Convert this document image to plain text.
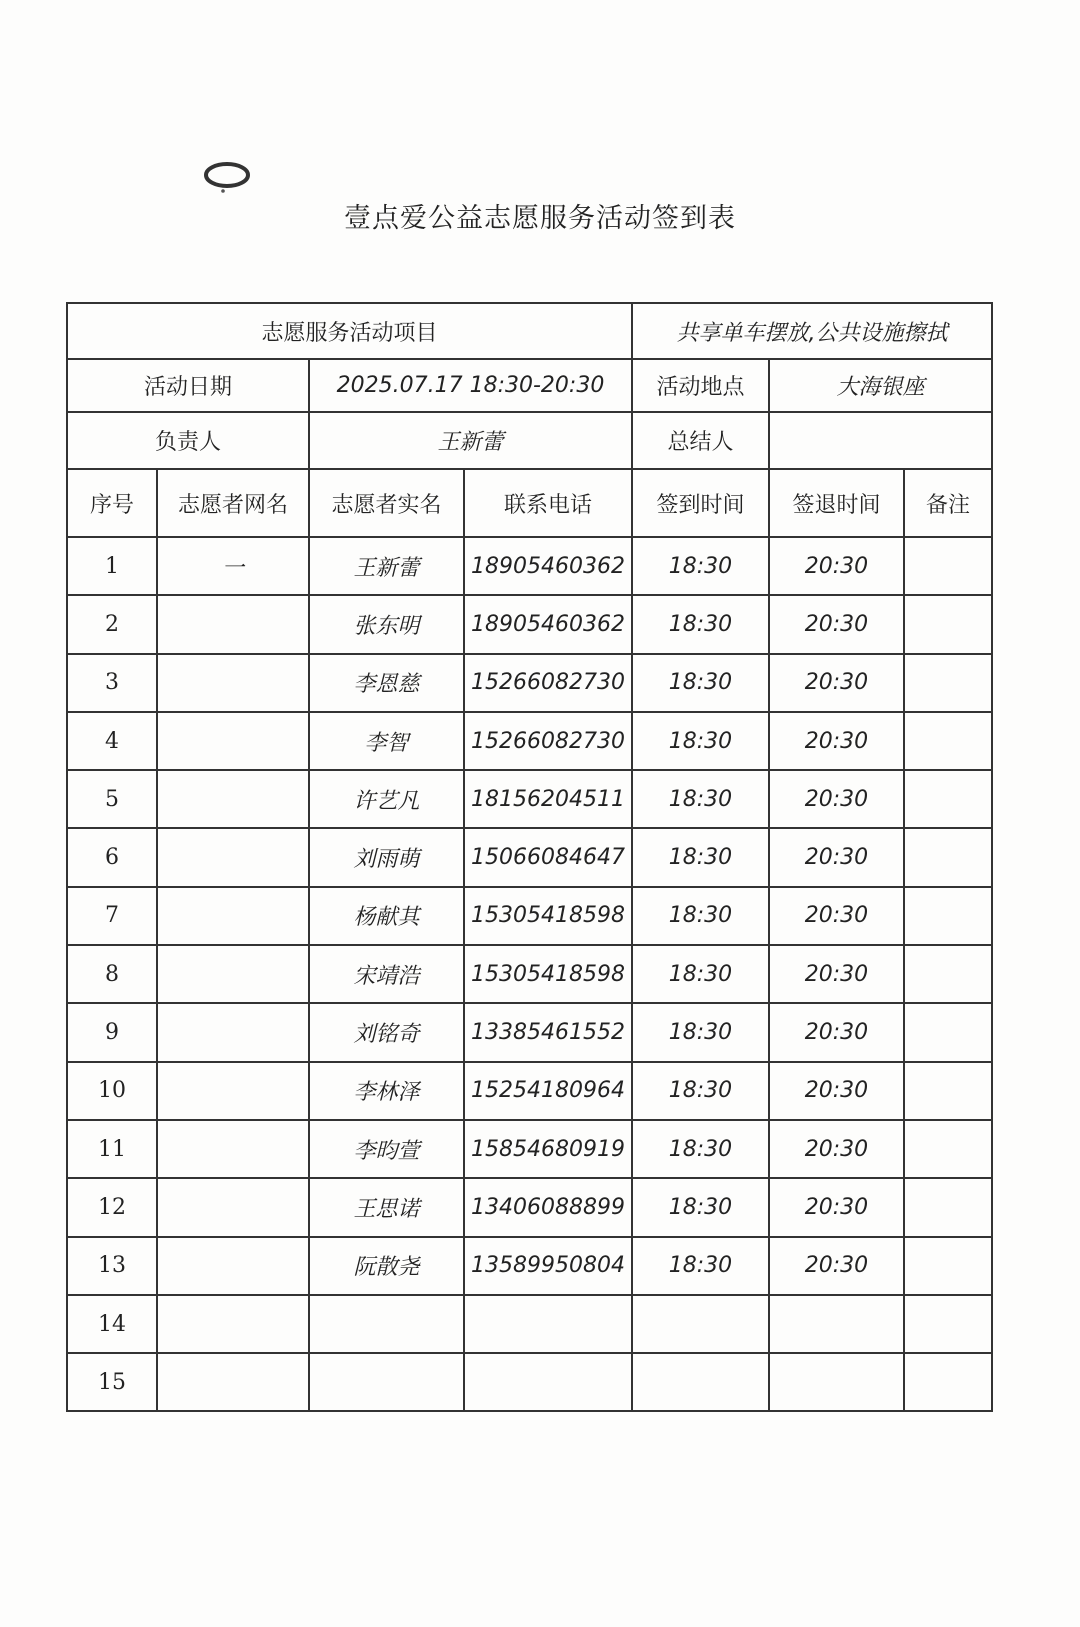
壹点爱公益志愿服务活动签到表
志愿服务活动项目				共享单车摆放,公共设施擦拭		
活动日期		2025.07.17 18:30-20:30		活动地点	大海银座	
负责人		王新蕾		总结人		
序号	志愿者网名	志愿者实名	联系电话	签到时间	签退时间	备注
1	一	王新蕾	18905460362	18:30	20:30	
2		张东明	18905460362	18:30	20:30	
3		李恩慈	15266082730	18:30	20:30	
4		李智	15266082730	18:30	20:30	
5		许艺凡	18156204511	18:30	20:30	
6		刘雨萌	15066084647	18:30	20:30	
7		杨献其	15305418598	18:30	20:30	
8		宋靖浩	15305418598	18:30	20:30	
9		刘铭奇	13385461552	18:30	20:30	
10		李林泽	15254180964	18:30	20:30	
11		李昀萱	15854680919	18:30	20:30	
12		王思诺	13406088899	18:30	20:30	
13		阮散尧	13589950804	18:30	20:30	
14						
15						
